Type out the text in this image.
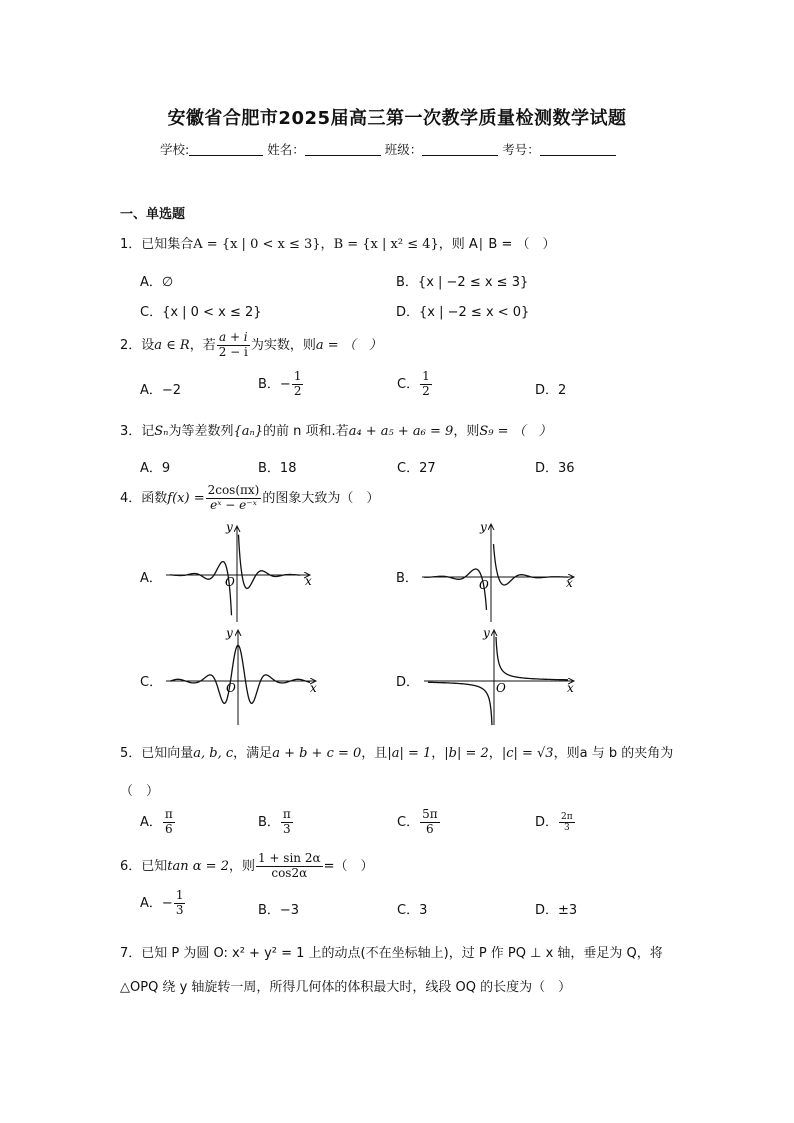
安徽省合肥市2025届高三第一次教学质量检测数学试题
学校:	姓名：	班级：	考号：
一、单选题
1．已知集合A = {x | 0 < x ≤ 3}，B = {x | x² ≤ 4}，则 A∣ B = （　）
A．∅	B．{x | −2 ≤ x ≤ 3}
C．{x | 0 < x ≤ 2}	D．{x | −2 ≤ x < 0}
2．设a ∈ R，若 $\frac{a + i}{2 - i}$ 为实数，则a = （　）
A．−2	B．− $\frac{1}{2}$	C． $\frac{1}{2}$	D．2
3．记Sₙ为等差数列{aₙ}的前 n 项和.若a₄ + a₅ + a₆ = 9，则S₉ = （　）
A．9	B．18	C．27	D．36
4．函数$f(x) = \frac{2\cos(\pi x)}{\text{eˣ − e⁻ˣ}}$ 的图象大致为（　）
A．	B．
C．	D．
x
y
O	x
y
O
x
y
O	x
y
O
5．已知向量a, b, c，满足a + b + c = 0，且|a| = 1，|b| = 2，|c| = √3，则a 与 b 的夹角为
（　）
A． $\frac{\pi}{6}$	B． $\frac{\pi}{3}$	C． $\frac{5\pi}{6}$	D． $\frac{2\pi}{3}$
6．已知tan α = 2，则 $\frac{1 + \sin 2\alpha}{\cos 2\alpha}$ =（　）
A．− $\frac{1}{3}$	B．−3	C．3	D．±3
7．已知 P 为圆 O: x² + y² = 1 上的动点(不在坐标轴上)，过 P 作 PQ ⊥ x 轴，垂足为 Q，将
△OPQ 绕 y 轴旋转一周，所得几何体的体积最大时，线段 OQ 的长度为（　）
